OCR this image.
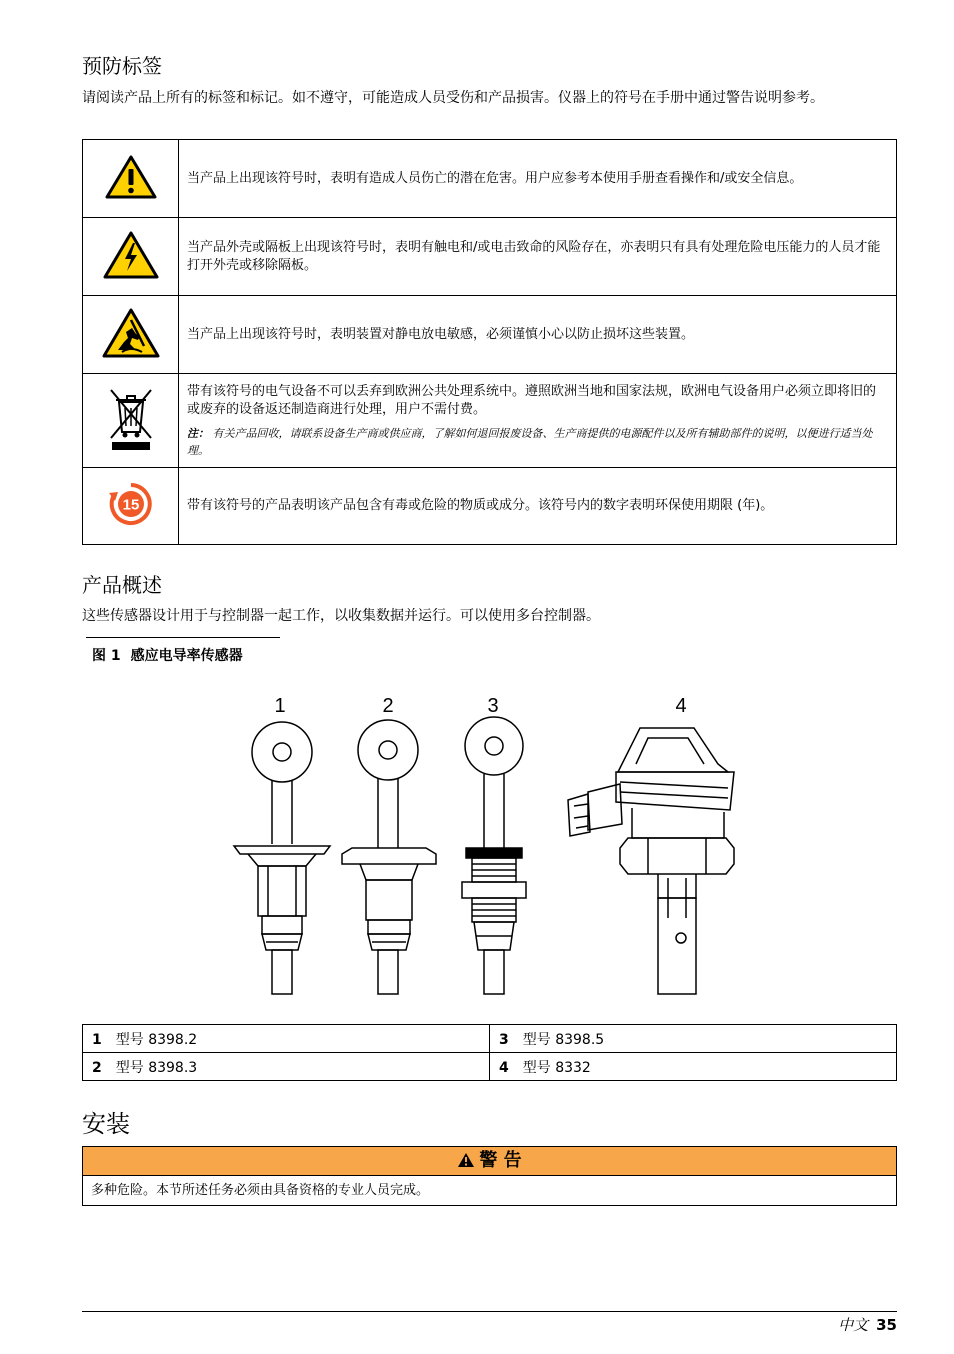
预防标签
请阅读产品上所有的标签和标记。如不遵守，可能造成人员受伤和产品损害。仪器上的符号在手册中通过警告说明参考。
	当产品上出现该符号时，表明有造成人员伤亡的潜在危害。用户应参考本使用手册查看操作和/或安全信息。
	当产品外壳或隔板上出现该符号时，表明有触电和/或电击致命的风险存在，亦表明只有具有处理危险电压能力的人员才能打开外壳或移除隔板。
	当产品上出现该符号时，表明装置对静电放电敏感，必须谨慎小心以防止损坏这些装置。

带有该符号的电气设备不可以丢弃到欧洲公共处理系统中。遵照欧洲当地和国家法规，欧洲电气设备用户必须立即将旧的或废弃的设备返还制造商进行处理，用户不需付费。
注： 有关产品回收，请联系设备生产商或供应商，了解如何退回报废设备、生产商提供的电源配件以及所有辅助部件的说明，以便进行适当处理。

15	带有该符号的产品表明该产品包含有毒或危险的物质或成分。该符号内的数字表明环保使用期限 (年)。
产品概述
这些传感器设计用于与控制器一起工作，以收集数据并运行。可以使用多台控制器。
图 1 感应电导率传感器
1	2	3	4
1 型号 8398.2	3 型号 8398.5
2 型号 8398.3	4 型号 8332
安装
警 告
多种危险。本节所述任务必须由具备资格的专业人员完成。
中文 35
